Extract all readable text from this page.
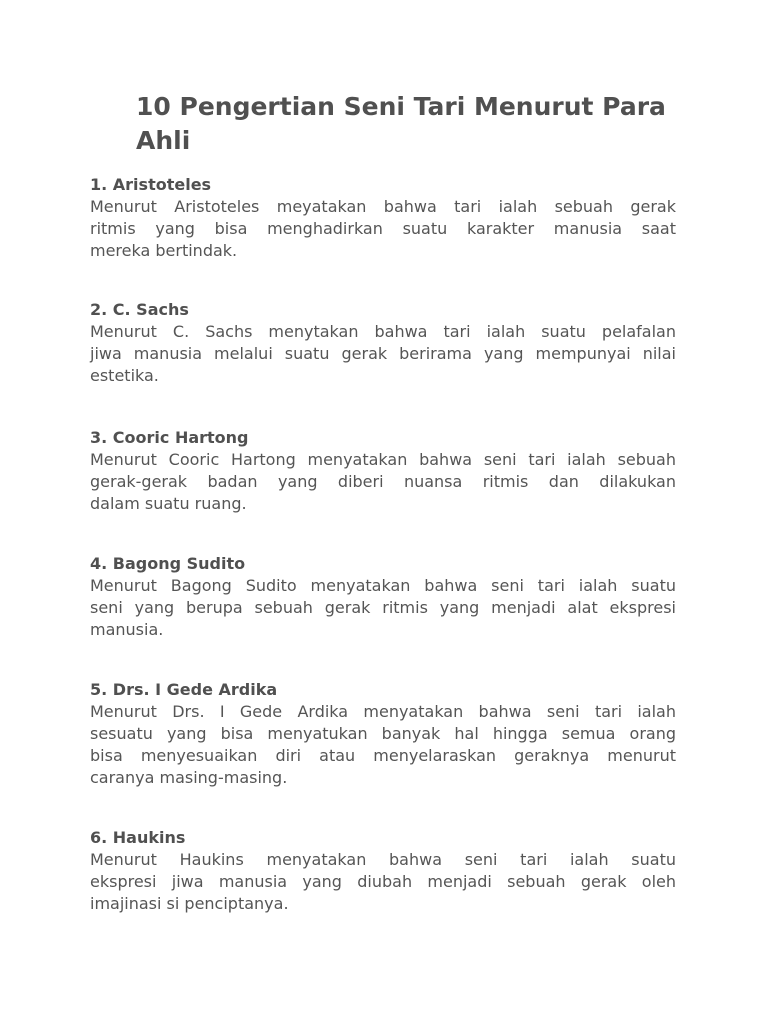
10 Pengertian Seni Tari Menurut Para
Ahli
1. Aristoteles
Menurut Aristoteles meyatakan bahwa tari ialah sebuah gerak
ritmis yang bisa menghadirkan suatu karakter manusia saat
mereka bertindak.
2. C. Sachs
Menurut C. Sachs menytakan bahwa tari ialah suatu pelafalan
jiwa manusia melalui suatu gerak berirama yang mempunyai nilai
estetika.
3. Cooric Hartong
Menurut Cooric Hartong menyatakan bahwa seni tari ialah sebuah
gerak-gerak badan yang diberi nuansa ritmis dan dilakukan
dalam suatu ruang.
4. Bagong Sudito
Menurut Bagong Sudito menyatakan bahwa seni tari ialah suatu
seni yang berupa sebuah gerak ritmis yang menjadi alat ekspresi
manusia.
5. Drs. I Gede Ardika
Menurut Drs. I Gede Ardika menyatakan bahwa seni tari ialah
sesuatu yang bisa menyatukan banyak hal hingga semua orang
bisa menyesuaikan diri atau menyelaraskan geraknya menurut
caranya masing-masing.
6. Haukins
Menurut Haukins menyatakan bahwa seni tari ialah suatu
ekspresi jiwa manusia yang diubah menjadi sebuah gerak oleh
imajinasi si penciptanya.
